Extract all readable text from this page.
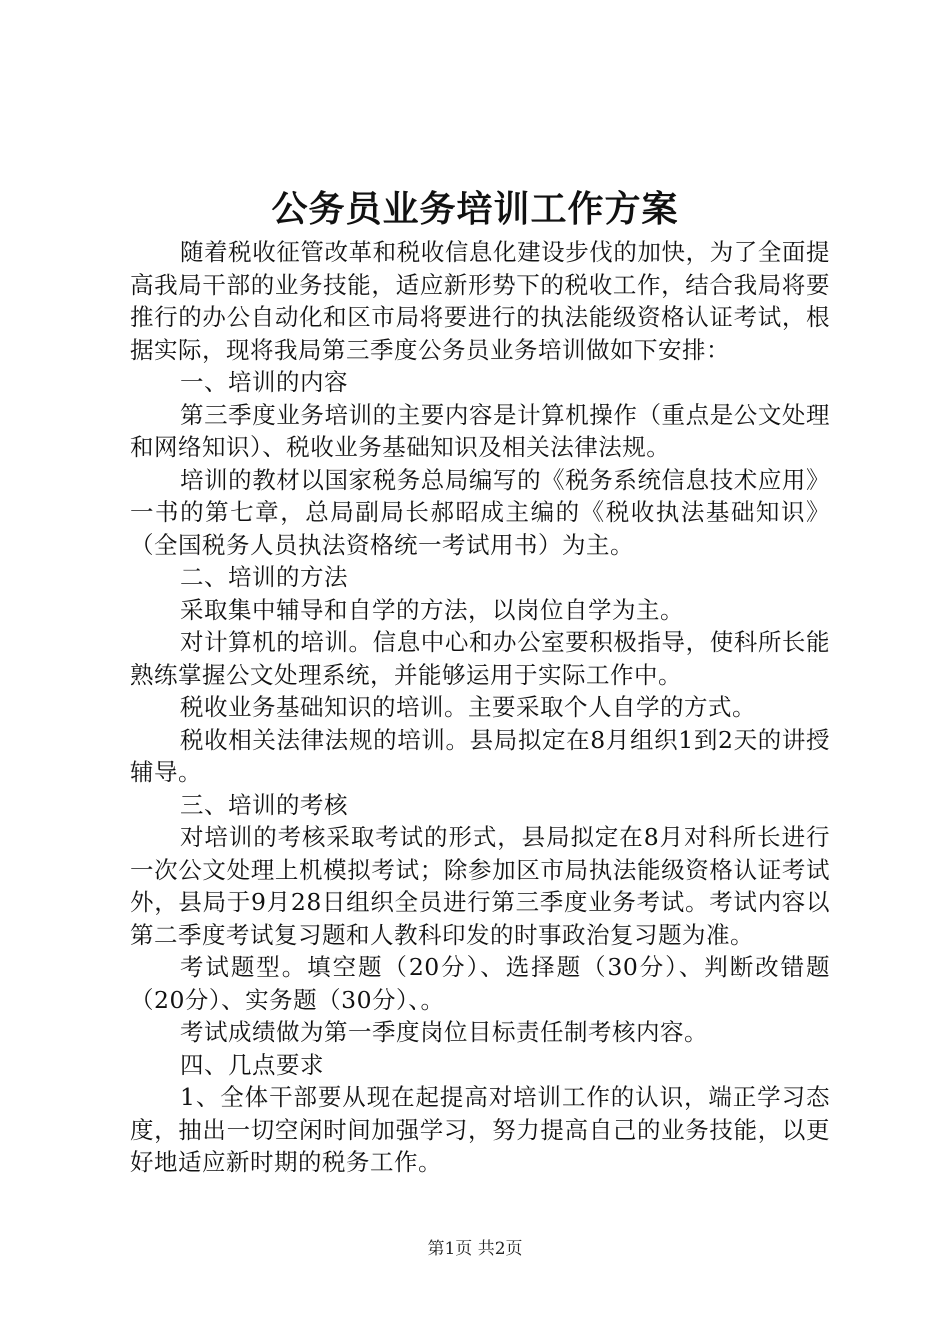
公务员业务培训工作方案

随着税收征管改革和税收信息化建设步伐的加快，为了全面提高我局干部的业务技能，适应新形势下的税收工作，结合我局将要推行的办公自动化和区市局将要进行的执法能级资格认证考试，根据实际，现将我局第三季度公务员业务培训做如下安排：

一、培训的内容

第三季度业务培训的主要内容是计算机操作（重点是公文处理和网络知识）、税收业务基础知识及相关法律法规。

培训的教材以国家税务总局编写的《税务系统信息技术应用》一书的第七章，总局副局长郝昭成主编的《税收执法基础知识》（全国税务人员执法资格统一考试用书）为主。

二、培训的方法

采取集中辅导和自学的方法，以岗位自学为主。

对计算机的培训。信息中心和办公室要积极指导，使科所长能熟练掌握公文处理系统，并能够运用于实际工作中。

税收业务基础知识的培训。主要采取个人自学的方式。

税收相关法律法规的培训。县局拟定在8月组织1到2天的讲授辅导。

三、培训的考核

对培训的考核采取考试的形式，县局拟定在8月对科所长进行一次公文处理上机模拟考试；除参加区市局执法能级资格认证考试外，县局于9月28日组织全员进行第三季度业务考试。考试内容以第二季度考试复习题和人教科印发的时事政治复习题为准。

考试题型。填空题（20分）、选择题（30分）、判断改错题（20分）、实务题（30分）、。

考试成绩做为第一季度岗位目标责任制考核内容。

四、几点要求

1、全体干部要从现在起提高对培训工作的认识，端正学习态度，抽出一切空闲时间加强学习，努力提高自己的业务技能，以更好地适应新时期的税务工作。

第1页 共2页
